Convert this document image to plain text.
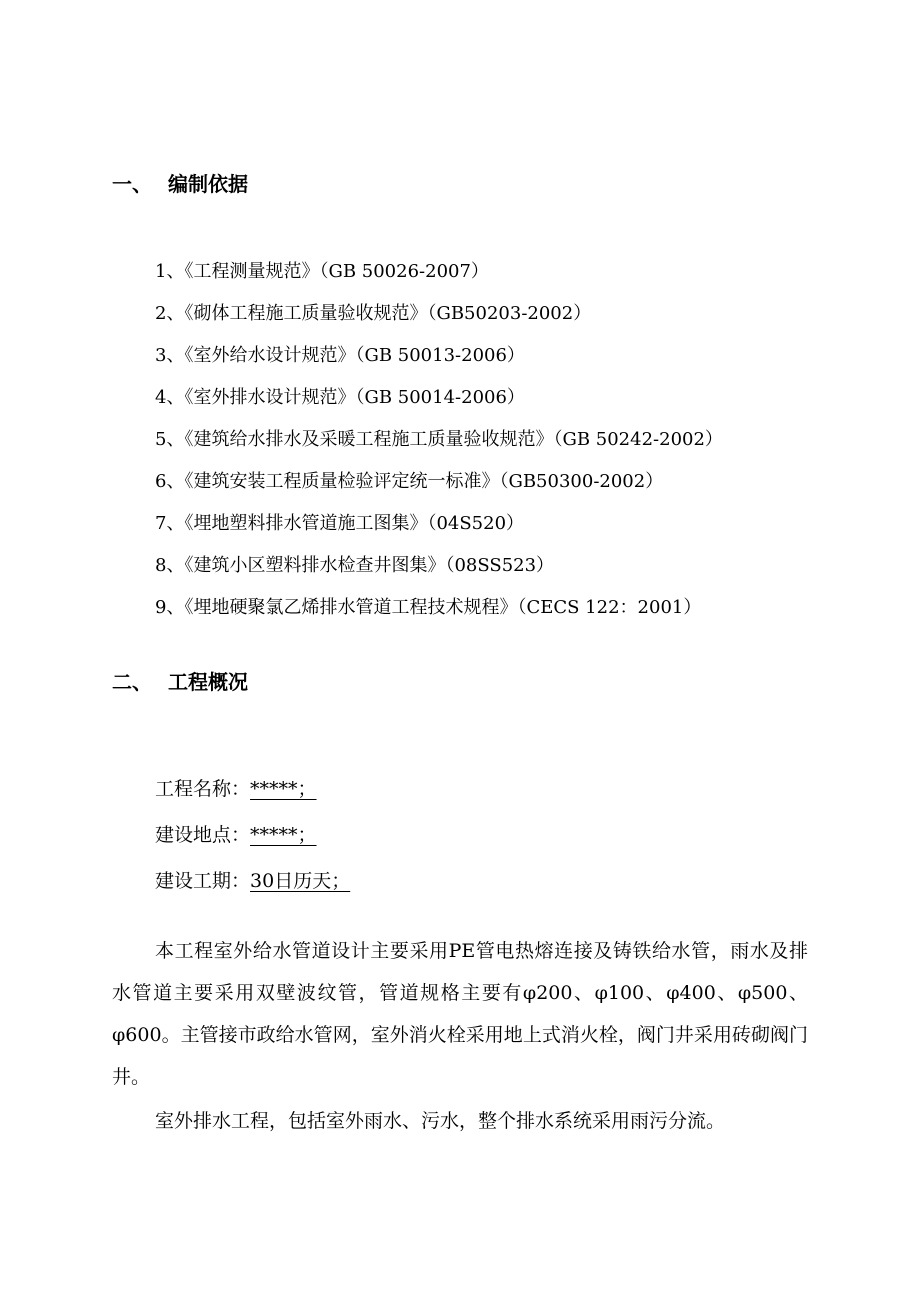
一、 编制依据
1、《工程测量规范》（GB 50026-2007）
2、《砌体工程施工质量验收规范》（GB50203-2002）
3、《室外给水设计规范》（GB 50013-2006）
4、《室外排水设计规范》（GB 50014-2006）
5、《建筑给水排水及采暖工程施工质量验收规范》（GB 50242-2002）
6、《建筑安装工程质量检验评定统一标准》（GB50300-2002）
7、《埋地塑料排水管道施工图集》（04S520）
8、《建筑小区塑料排水检查井图集》（08SS523）
9、《埋地硬聚氯乙烯排水管道工程技术规程》（CECS 122：2001）
二、 工程概况
工程名称：*****；
建设地点：*****；
建设工期：30日历天；

本工程室外给水管道设计主要采用PE管电热熔连接及铸铁给水管，雨水及排水管道主要采用双壁波纹管，管道规格主要有φ200、φ100、φ400、φ500、φ600。主管接市政给水管网，室外消火栓采用地上式消火栓，阀门井采用砖砌阀门井。

室外排水工程，包括室外雨水、污水，整个排水系统采用雨污分流。
